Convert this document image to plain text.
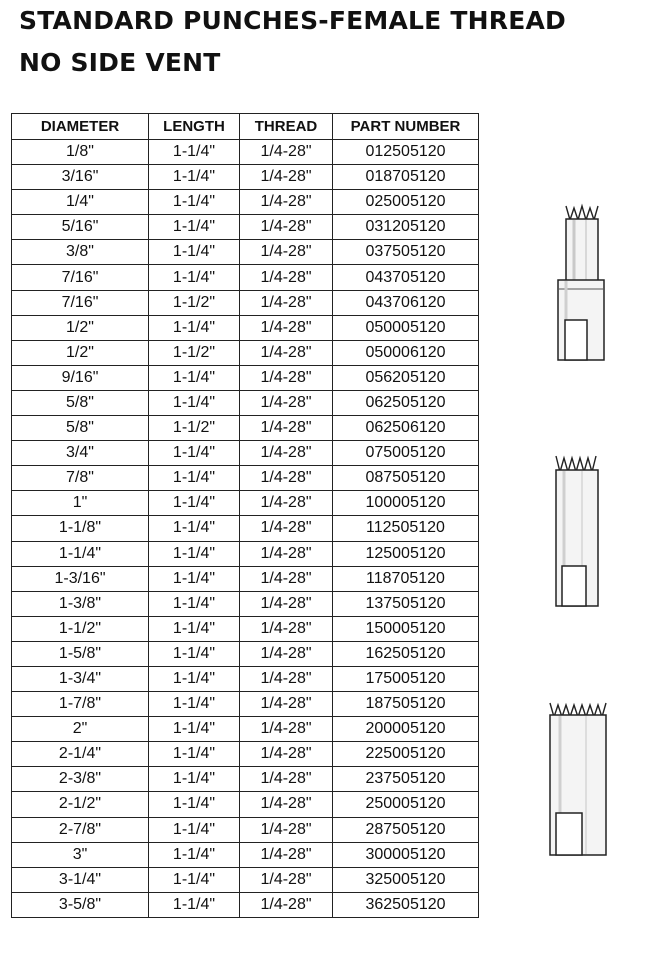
STANDARD PUNCHES-FEMALE THREAD
NO SIDE VENT
DIAMETER	LENGTH	THREAD	PART NUMBER
1/8"	1-1/4"	1/4-28"	012505120
3/16"	1-1/4"	1/4-28"	018705120
1/4"	1-1/4"	1/4-28"	025005120
5/16"	1-1/4"	1/4-28"	031205120
3/8"	1-1/4"	1/4-28"	037505120
7/16"	1-1/4"	1/4-28"	043705120
7/16"	1-1/2"	1/4-28"	043706120
1/2"	1-1/4"	1/4-28"	050005120
1/2"	1-1/2"	1/4-28"	050006120
9/16"	1-1/4"	1/4-28"	056205120
5/8"	1-1/4"	1/4-28"	062505120
5/8"	1-1/2"	1/4-28"	062506120
3/4"	1-1/4"	1/4-28"	075005120
7/8"	1-1/4"	1/4-28"	087505120
1"	1-1/4"	1/4-28"	100005120
1-1/8"	1-1/4"	1/4-28"	112505120
1-1/4"	1-1/4"	1/4-28"	125005120
1-3/16"	1-1/4"	1/4-28"	118705120
1-3/8"	1-1/4"	1/4-28"	137505120
1-1/2"	1-1/4"	1/4-28"	150005120
1-5/8"	1-1/4"	1/4-28"	162505120
1-3/4"	1-1/4"	1/4-28"	175005120
1-7/8"	1-1/4"	1/4-28"	187505120
2"	1-1/4"	1/4-28"	200005120
2-1/4"	1-1/4"	1/4-28"	225005120
2-3/8"	1-1/4"	1/4-28"	237505120
2-1/2"	1-1/4"	1/4-28"	250005120
2-7/8"	1-1/4"	1/4-28"	287505120
3"	1-1/4"	1/4-28"	300005120
3-1/4"	1-1/4"	1/4-28"	325005120
3-5/8"	1-1/4"	1/4-28"	362505120
